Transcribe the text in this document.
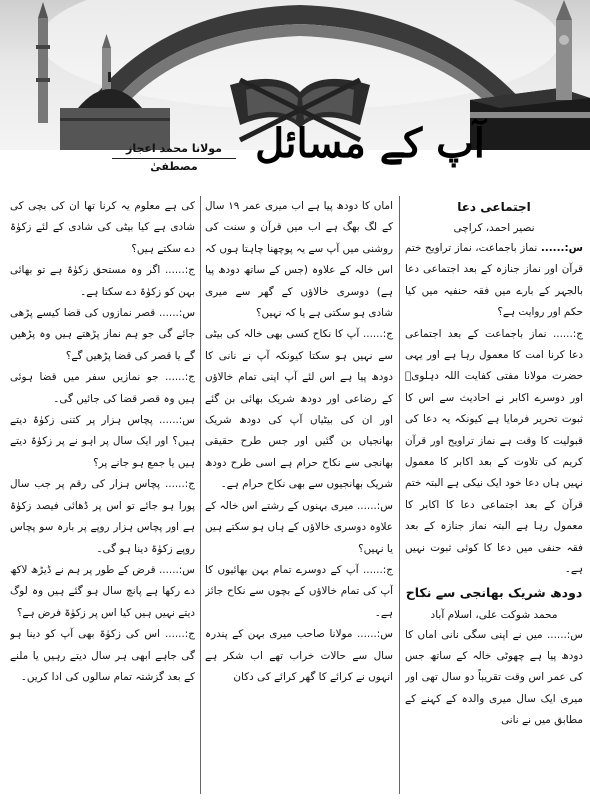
آپ کے مسائل
مولانا محمد اعجاز مصطفیٰ

اجتماعی دعا

نصیر احمد، کراچی

س:...... نماز باجماعت، نماز تراویح ختم قرآن اور نماز جنازہ کے بعد اجتماعی دعا بالجہر کے بارے میں فقہ حنفیہ میں کیا حکم اور روایت ہے؟

ج:...... نماز باجماعت کے بعد اجتماعی دعا کرنا امت کا معمول رہا ہے اور یہی حضرت مولانا مفتی کفایت اللہ دہلویؒ اور دوسرے اکابر نے احادیث سے اس کا ثبوت تحریر فرمایا ہے کیونکہ یہ دعا کی قبولیت کا وقت ہے نماز تراویح اور قرآن کریم کی تلاوت کے بعد اکابر کا معمول نہیں ہاں دعا خود ایک نیکی ہے البتہ ختم قرآن کے بعد اجتماعی دعا کا اکابر کا معمول رہا ہے البتہ نماز جنازہ کے بعد فقہ حنفی میں دعا کا کوئی ثبوت نہیں ہے۔

دودھ شریک بھانجی سے نکاح

محمد شوکت علی، اسلام آباد

س:...... میں نے اپنی سگی نانی اماں کا دودھ پیا ہے چھوٹی خالہ کے ساتھ جس کی عمر اس وقت تقریباً دو سال تھی اور میری ایک سال میری والدہ کے کہنے کے مطابق میں نے نانی

اماں کا دودھ پیا ہے اب میری عمر ۱۹ سال کے لگ بھگ ہے اب میں قرآن و سنت کی روشنی میں آپ سے یہ پوچھنا چاہتا ہوں کہ اس خالہ کے علاوہ (جس کے ساتھ دودھ پیا ہے) دوسری خالاؤں کے گھر سے میری شادی ہو سکتی ہے یا کہ نہیں؟

ج:...... آپ کا نکاح کسی بھی خالہ کی بیٹی سے نہیں ہو سکتا کیونکہ آپ نے نانی کا دودھ پیا ہے اس لئے آپ اپنی تمام خالاؤں کے رضاعی اور دودھ شریک بھائی بن گئے اور ان کی بیٹیاں آپ کی دودھ شریک بھانجیاں بن گئیں اور جس طرح حقیقی بھانجی سے نکاح حرام ہے اسی طرح دودھ شریک بھانجیوں سے بھی نکاح حرام ہے۔

س:...... میری بہنوں کے رشتے اس خالہ کے علاوہ دوسری خالاؤں کے ہاں ہو سکتے ہیں یا نہیں؟

ج:...... آپ کے دوسرے تمام بہن بھائیوں کا آپ کی تمام خالاؤں کے بچوں سے نکاح جائز ہے۔

س:...... مولانا صاحب میری بہن کے پندرہ سال سے حالات خراب تھے اب شکر ہے انہوں نے کرائے کا گھر کرائے کی دکان

کی ہے معلوم یہ کرنا تھا ان کی بچی کی شادی ہے کیا بیٹی کی شادی کے لئے زکوٰۃ دے سکتے ہیں؟

ج:...... اگر وہ مستحق زکوٰۃ ہے تو بھائی بہن کو زکوٰۃ دے سکتا ہے۔

س:...... قصر نمازوں کی قضا کیسے پڑھی جائے گی جو ہم نماز پڑھتے ہیں وہ پڑھیں گے یا قصر کی قضا پڑھیں گے؟

ج:...... جو نمازیں سفر میں قضا ہوئی ہیں وہ قصر قضا کی جائیں گی۔

س:...... پچاس ہزار پر کتنی زکوٰۃ دیتے ہیں؟ اور ایک سال پر اہو نے پر زکوٰۃ دیتے ہیں یا جمع ہو جانے پر؟

ج:...... پچاس ہزار کی رقم پر جب سال پورا ہو جائے تو اس پر ڈھائی فیصد زکوٰۃ ہے اور پچاس ہزار روپے پر بارہ سو پچاس روپے زکوٰۃ دینا ہو گی۔

س:...... قرض کے طور پر ہم نے ڈیڑھ لاکھ دے رکھا ہے پانچ سال ہو گئے ہیں وہ لوگ دیتے نہیں ہیں کیا اس پر زکوٰۃ فرض ہے؟

ج:...... اس کی زکوٰۃ بھی آپ کو دینا ہو گی جاہے ابھی ہر سال دیتے رہیں یا ملنے کے بعد گزشتہ تمام سالوں کی ادا کریں۔
